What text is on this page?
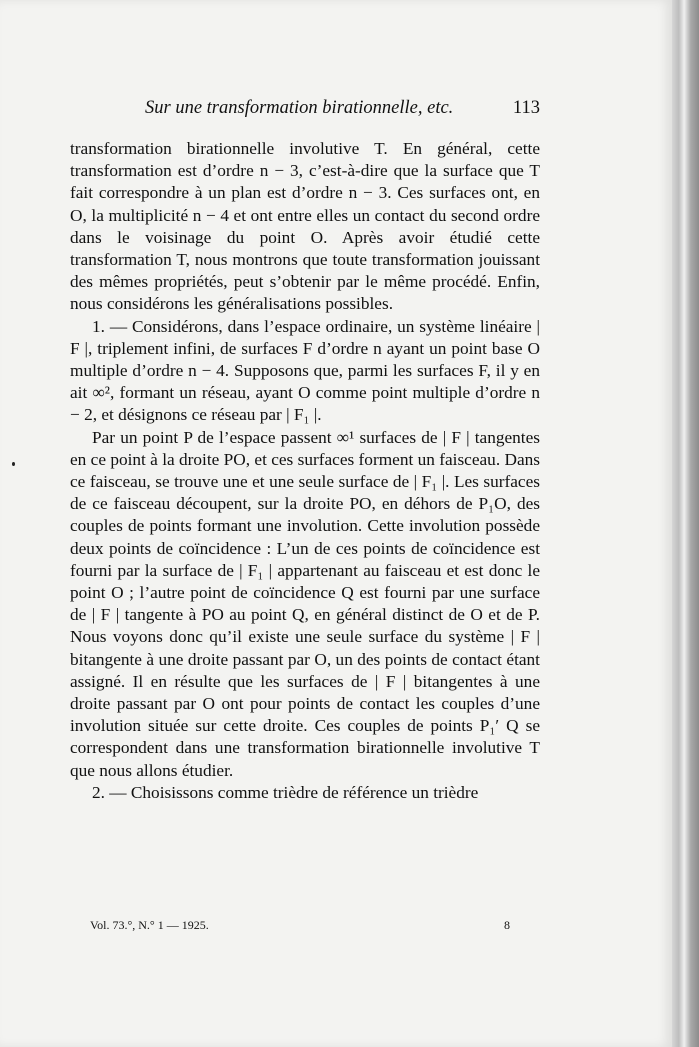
Sur une transformation birationnelle, etc.	113

transformation birationnelle involutive T. En général, cette transformation est d’ordre n − 3, c’est-à-dire que la surface que T fait correspondre à un plan est d’ordre n − 3. Ces surfaces ont, en O, la multiplicité n − 4 et ont entre elles un contact du second ordre dans le voisinage du point O. Après avoir étudié cette transformation T, nous montrons que toute transformation jouissant des mêmes propriétés, peut s’obtenir par le même procédé. Enfin, nous considérons les généralisations possibles.

1. — Considérons, dans l’espace ordinaire, un système linéaire | F |, triplement infini, de surfaces F d’ordre n ayant un point base O multiple d’ordre n − 4. Supposons que, parmi les surfaces F, il y en ait ∞², formant un réseau, ayant O comme point multiple d’ordre n − 2, et désignons ce réseau par | F₁ |.

Par un point P de l’espace passent ∞¹ surfaces de | F | tangentes en ce point à la droite PO, et ces surfaces forment un faisceau. Dans ce faisceau, se trouve une et une seule surface de | F₁ |. Les surfaces de ce faisceau découpent, sur la droite PO, en déhors de P₁O, des couples de points formant une involution. Cette involution possède deux points de coïncidence : L’un de ces points de coïncidence est fourni par la surface de | F₁ | appartenant au faisceau et est donc le point O ; l’autre point de coïncidence Q est fourni par une surface de | F | tangente à PO au point Q, en général distinct de O et de P. Nous voyons donc qu’il existe une seule surface du système | F | bitangente à une droite passant par O, un des points de contact étant assigné. Il en résulte que les surfaces de | F | bitangentes à une droite passant par O ont pour points de contact les couples d’une involution située sur cette droite. Ces couples de points P₁′ Q se correspondent dans une transformation birationnelle involutive T que nous allons étudier.

2. — Choisissons comme trièdre de référence un trièdre

Vol. 73.°, N.° 1 — 1925.	8
